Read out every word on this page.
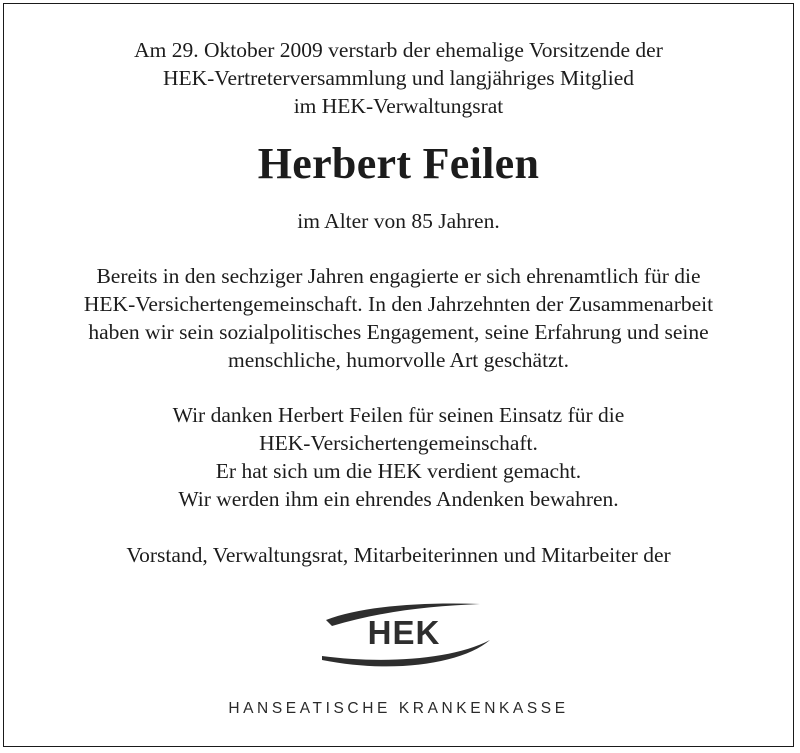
Am 29. Oktober 2009 verstarb der ehemalige Vorsitzende der

HEK-Vertreterversammlung und langjähriges Mitglied

im HEK-Verwaltungsrat

Herbert Feilen

im Alter von 85 Jahren.

Bereits in den sechziger Jahren engagierte er sich ehrenamtlich für die

HEK-Versichertengemeinschaft. In den Jahrzehnten der Zusammenarbeit

haben wir sein sozialpolitisches Engagement, seine Erfahrung und seine

menschliche, humorvolle Art geschätzt.

Wir danken Herbert Feilen für seinen Einsatz für die

HEK-Versichertengemeinschaft.

Er hat sich um die HEK verdient gemacht.

Wir werden ihm ein ehrendes Andenken bewahren.

Vorstand, Verwaltungsrat, Mitarbeiterinnen und Mitarbeiter der

HEK
HANSEATISCHE KRANKENKASSE
